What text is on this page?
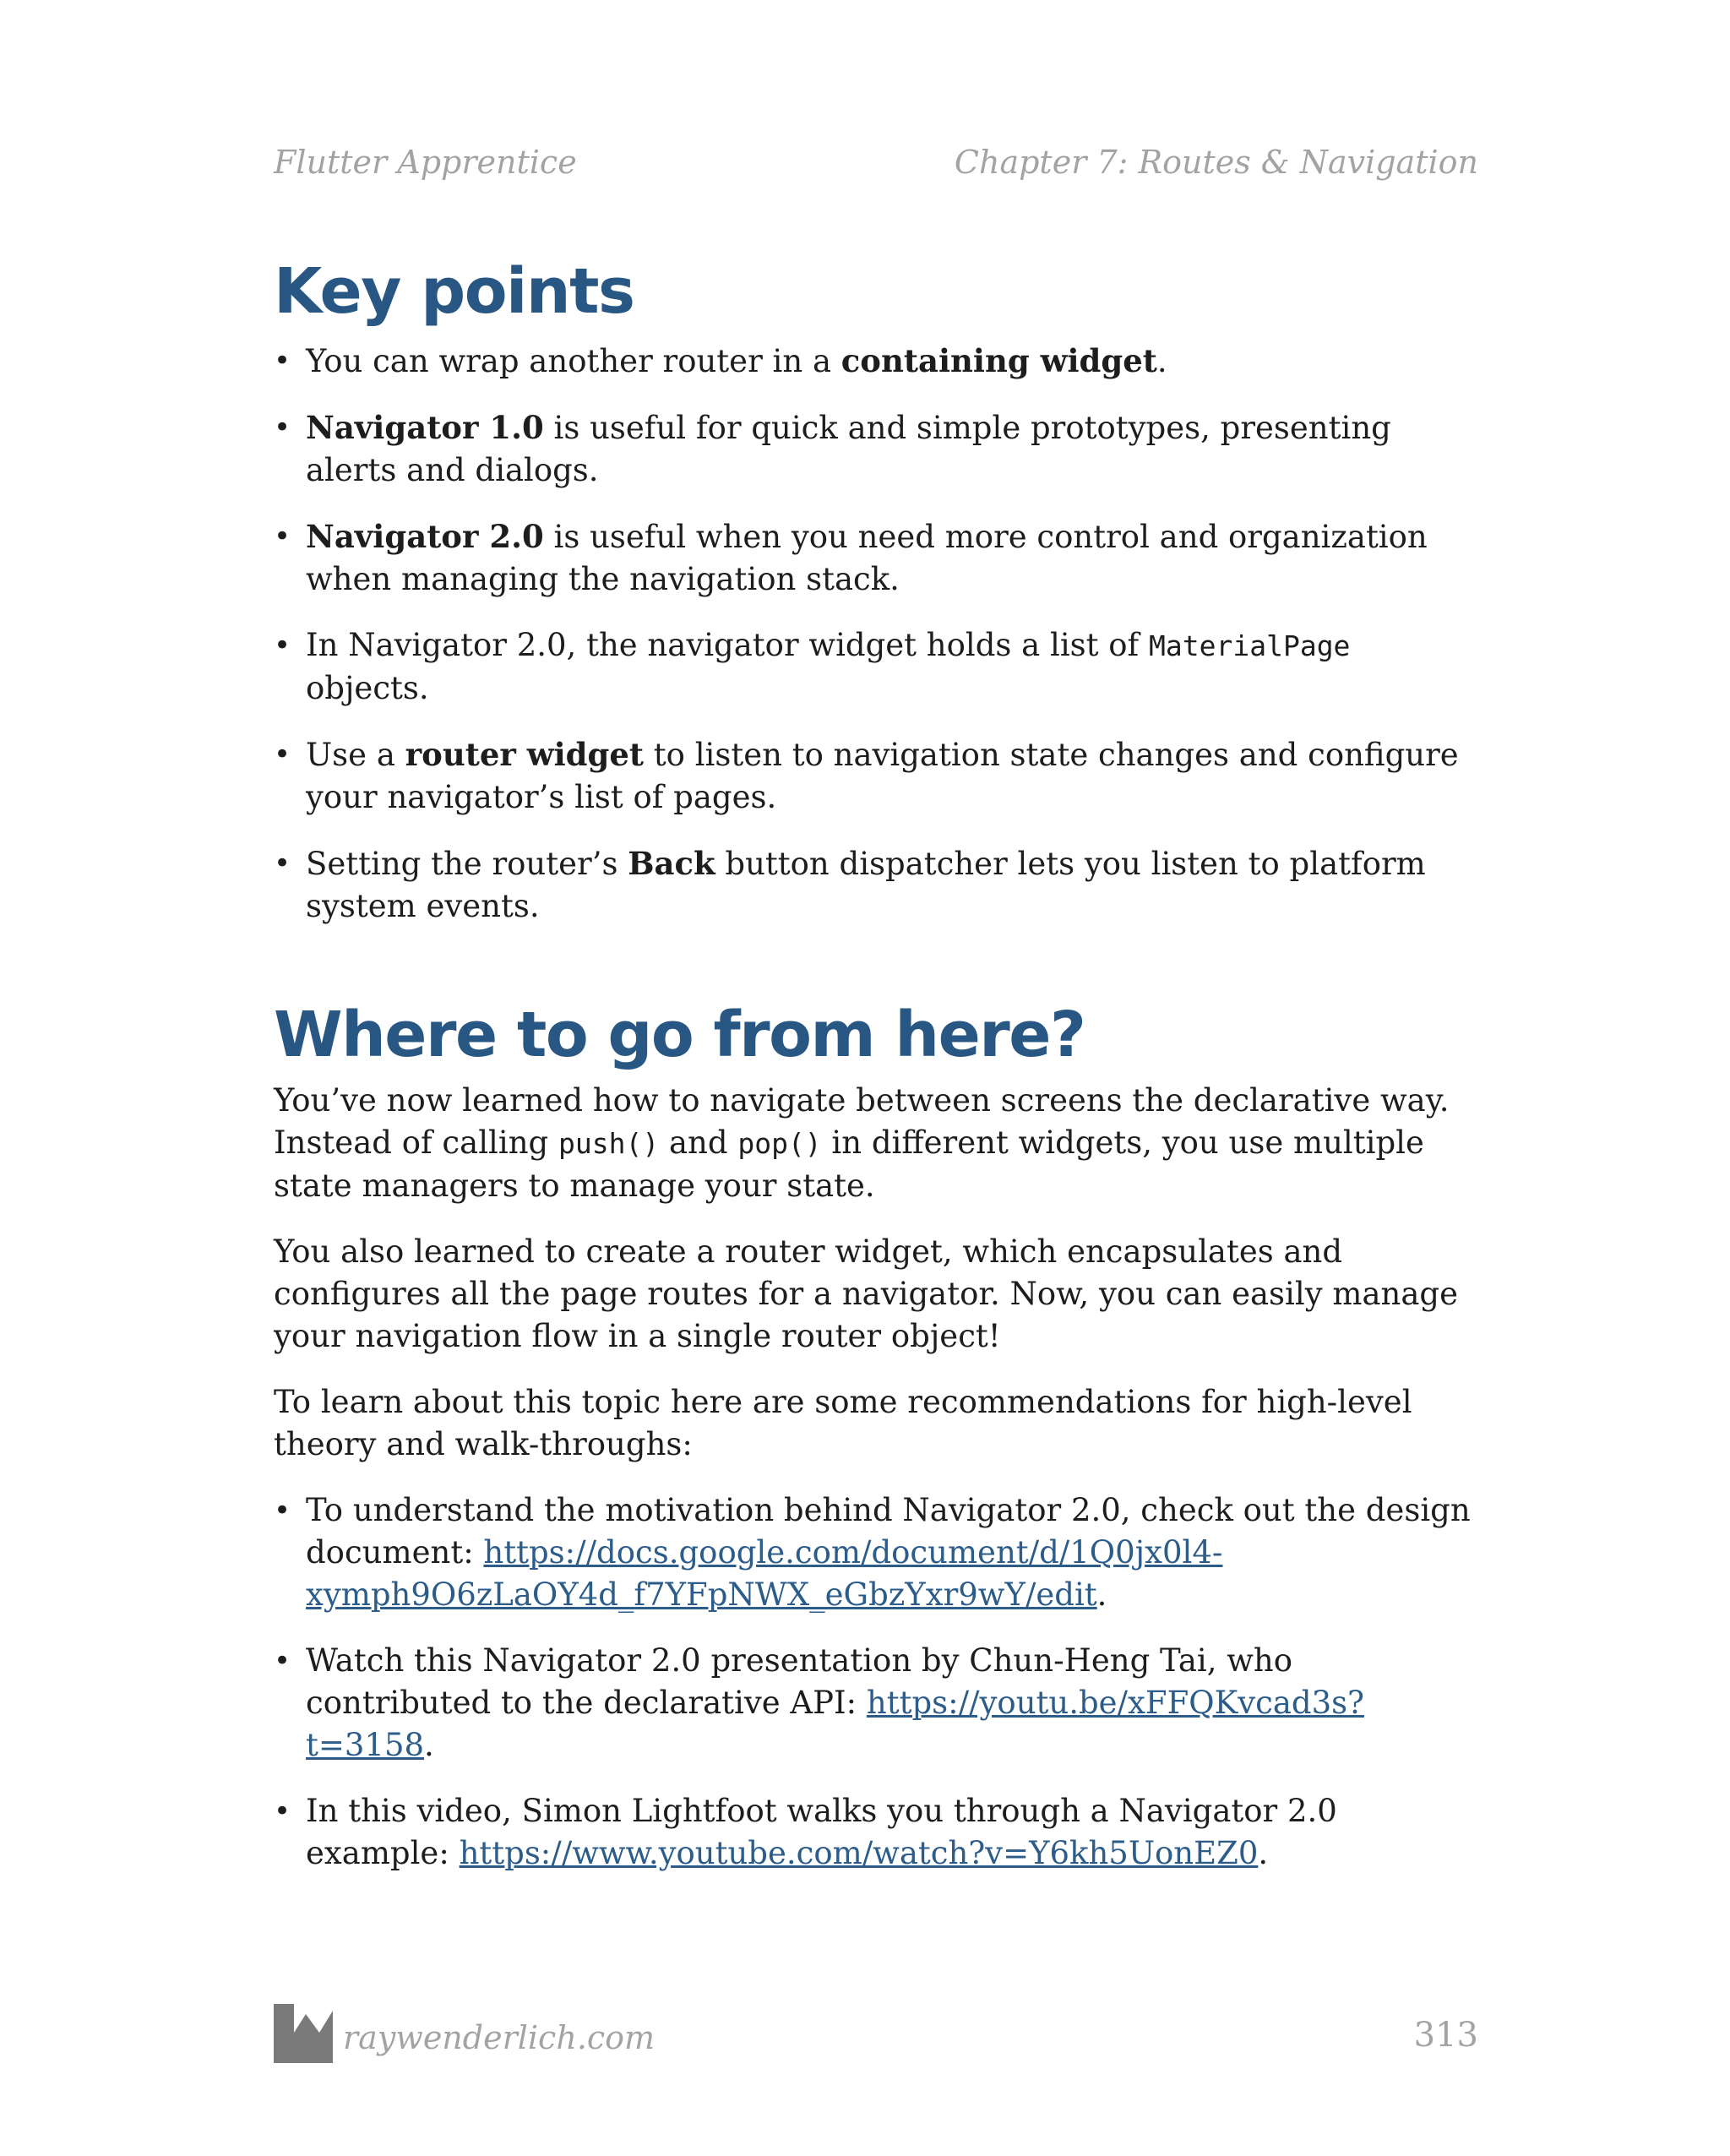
Flutter Apprentice	Chapter 7: Routes & Navigation
Key points
• You can wrap another router in a containing widget.
• Navigator 1.0 is useful for quick and simple prototypes, presenting alerts and dialogs.
• Navigator 2.0 is useful when you need more control and organization when managing the navigation stack.
• In Navigator 2.0, the navigator widget holds a list of MaterialPage objects.
• Use a router widget to listen to navigation state changes and configure your navigator’s list of pages.
• Setting the router’s Back button dispatcher lets you listen to platform system events.
Where to go from here?

You’ve now learned how to navigate between screens the declarative way. Instead of calling push() and pop() in different widgets, you use multiple state managers to manage your state.

You also learned to create a router widget, which encapsulates and configures all the page routes for a navigator. Now, you can easily manage your navigation flow in a single router object!

To learn about this topic here are some recommendations for high-level theory and walk-throughs:

• To understand the motivation behind Navigator 2.0, check out the design document: https://docs.google.com/document/d/1Q0jx0l4-xymph9O6zLaOY4d_f7YFpNWX_eGbzYxr9wY/edit.
• Watch this Navigator 2.0 presentation by Chun-Heng Tai, who contributed to the declarative API: https://youtu.be/xFFQKvcad3s?t=3158.
• In this video, Simon Lightfoot walks you through a Navigator 2.0 example: https://www.youtube.com/watch?v=Y6kh5UonEZ0.
raywenderlich.com	313
